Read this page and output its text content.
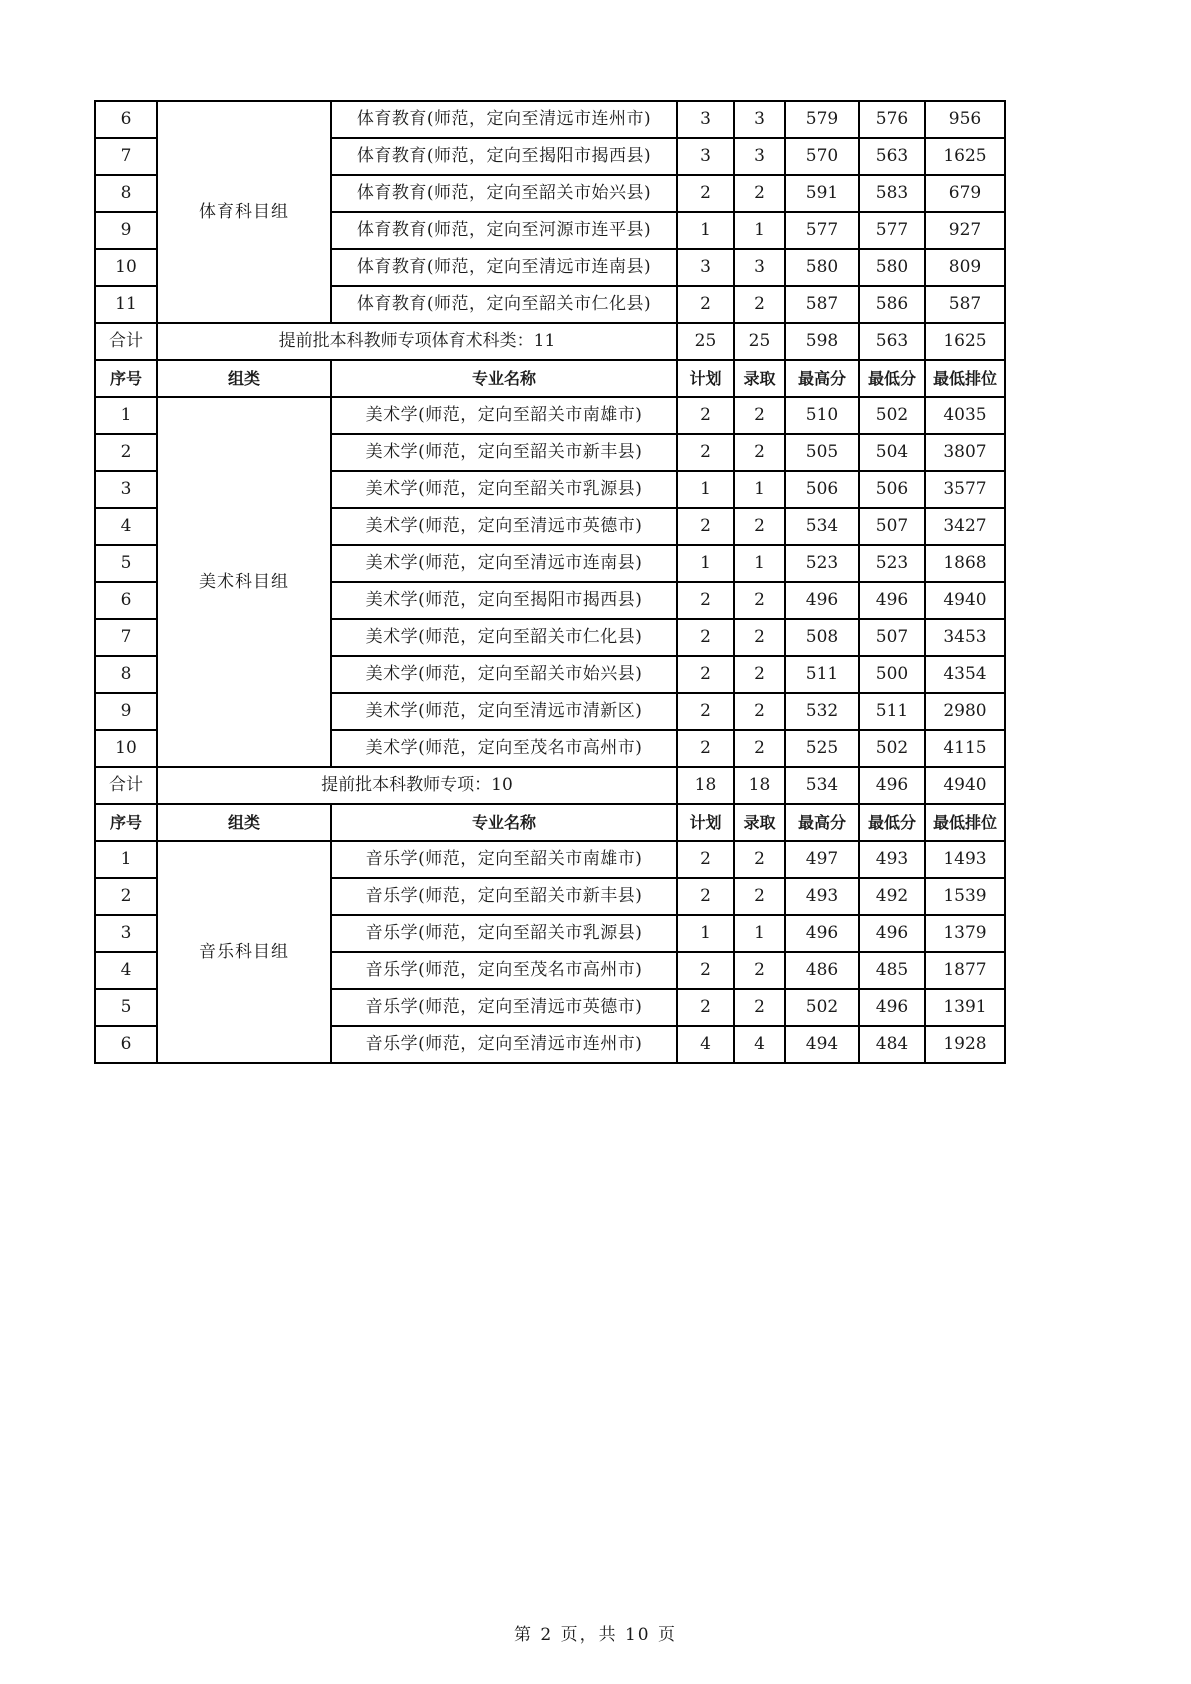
6	体育科目组	体育教育(师范，定向至清远市连州市)	3	3	579	576	956
7		体育教育(师范，定向至揭阳市揭西县)	3	3	570	563	1625
8		体育教育(师范，定向至韶关市始兴县)	2	2	591	583	679
9		体育教育(师范，定向至河源市连平县)	1	1	577	577	927
10		体育教育(师范，定向至清远市连南县)	3	3	580	580	809
11		体育教育(师范，定向至韶关市仁化县)	2	2	587	586	587
合计	提前批本科教师专项体育术科类：11		25	25	598	563	1625
序号	组类	专业名称	计划	录取	最高分	最低分	最低排位
1	美术科目组	美术学(师范，定向至韶关市南雄市)	2	2	510	502	4035
2		美术学(师范，定向至韶关市新丰县)	2	2	505	504	3807
3		美术学(师范，定向至韶关市乳源县)	1	1	506	506	3577
4		美术学(师范，定向至清远市英德市)	2	2	534	507	3427
5		美术学(师范，定向至清远市连南县)	1	1	523	523	1868
6		美术学(师范，定向至揭阳市揭西县)	2	2	496	496	4940
7		美术学(师范，定向至韶关市仁化县)	2	2	508	507	3453
8		美术学(师范，定向至韶关市始兴县)	2	2	511	500	4354
9		美术学(师范，定向至清远市清新区)	2	2	532	511	2980
10		美术学(师范，定向至茂名市高州市)	2	2	525	502	4115
合计	提前批本科教师专项：10		18	18	534	496	4940
序号	组类	专业名称	计划	录取	最高分	最低分	最低排位
1	音乐科目组	音乐学(师范，定向至韶关市南雄市)	2	2	497	493	1493
2		音乐学(师范，定向至韶关市新丰县)	2	2	493	492	1539
3		音乐学(师范，定向至韶关市乳源县)	1	1	496	496	1379
4		音乐学(师范，定向至茂名市高州市)	2	2	486	485	1877
5		音乐学(师范，定向至清远市英德市)	2	2	502	496	1391
6		音乐学(师范，定向至清远市连州市)	4	4	494	484	1928
第 2 页，共 10 页
